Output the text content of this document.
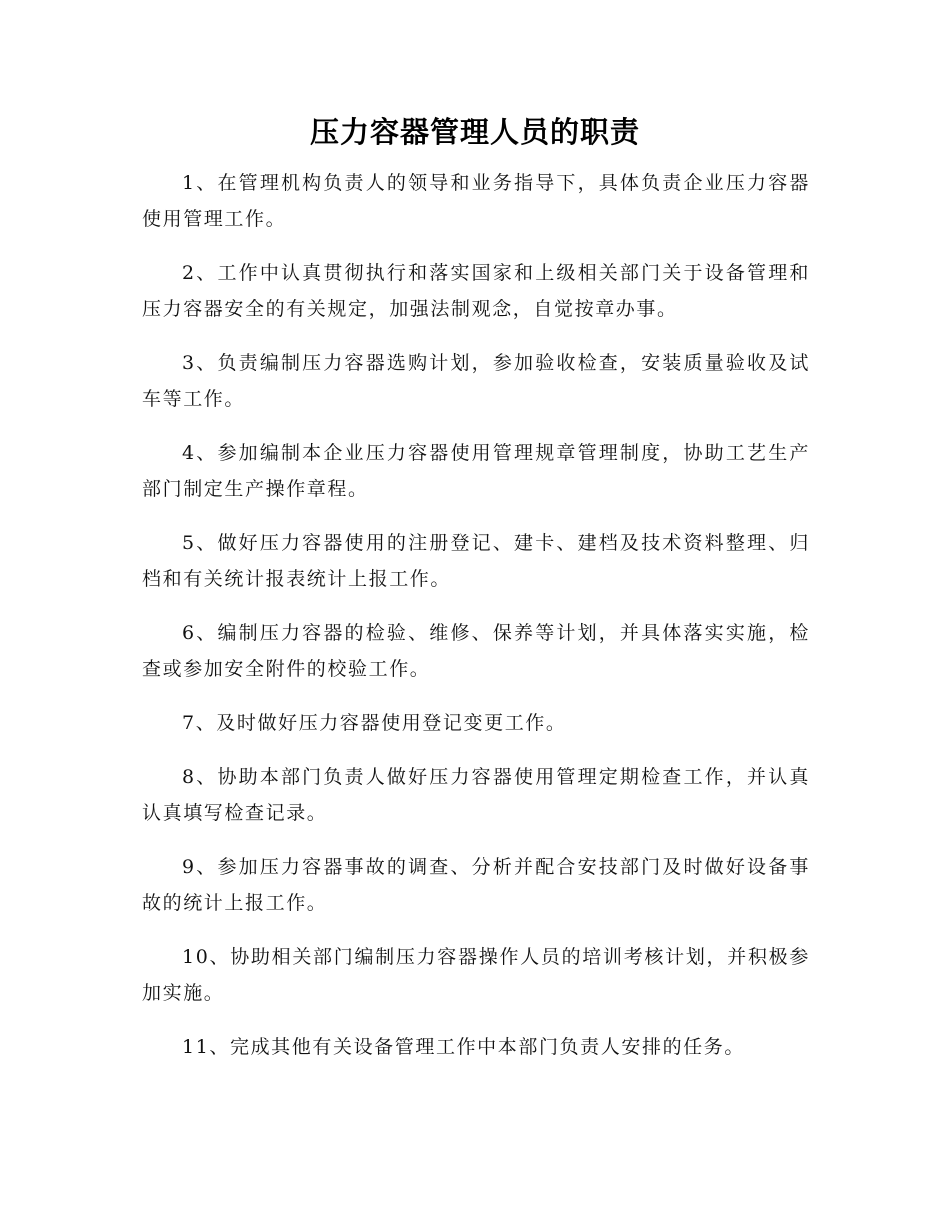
压力容器管理人员的职责

1、在管理机构负责人的领导和业务指导下，具体负责企业压力容器使用管理工作。

2、工作中认真贯彻执行和落实国家和上级相关部门关于设备管理和压力容器安全的有关规定，加强法制观念，自觉按章办事。

3、负责编制压力容器选购计划，参加验收检查，安装质量验收及试车等工作。

4、参加编制本企业压力容器使用管理规章管理制度，协助工艺生产部门制定生产操作章程。

5、做好压力容器使用的注册登记、建卡、建档及技术资料整理、归档和有关统计报表统计上报工作。

6、编制压力容器的检验、维修、保养等计划，并具体落实实施，检查或参加安全附件的校验工作。

7、及时做好压力容器使用登记变更工作。

8、协助本部门负责人做好压力容器使用管理定期检查工作，并认真认真填写检查记录。

9、参加压力容器事故的调查、分析并配合安技部门及时做好设备事故的统计上报工作。

10、协助相关部门编制压力容器操作人员的培训考核计划，并积极参加实施。

11、完成其他有关设备管理工作中本部门负责人安排的任务。
